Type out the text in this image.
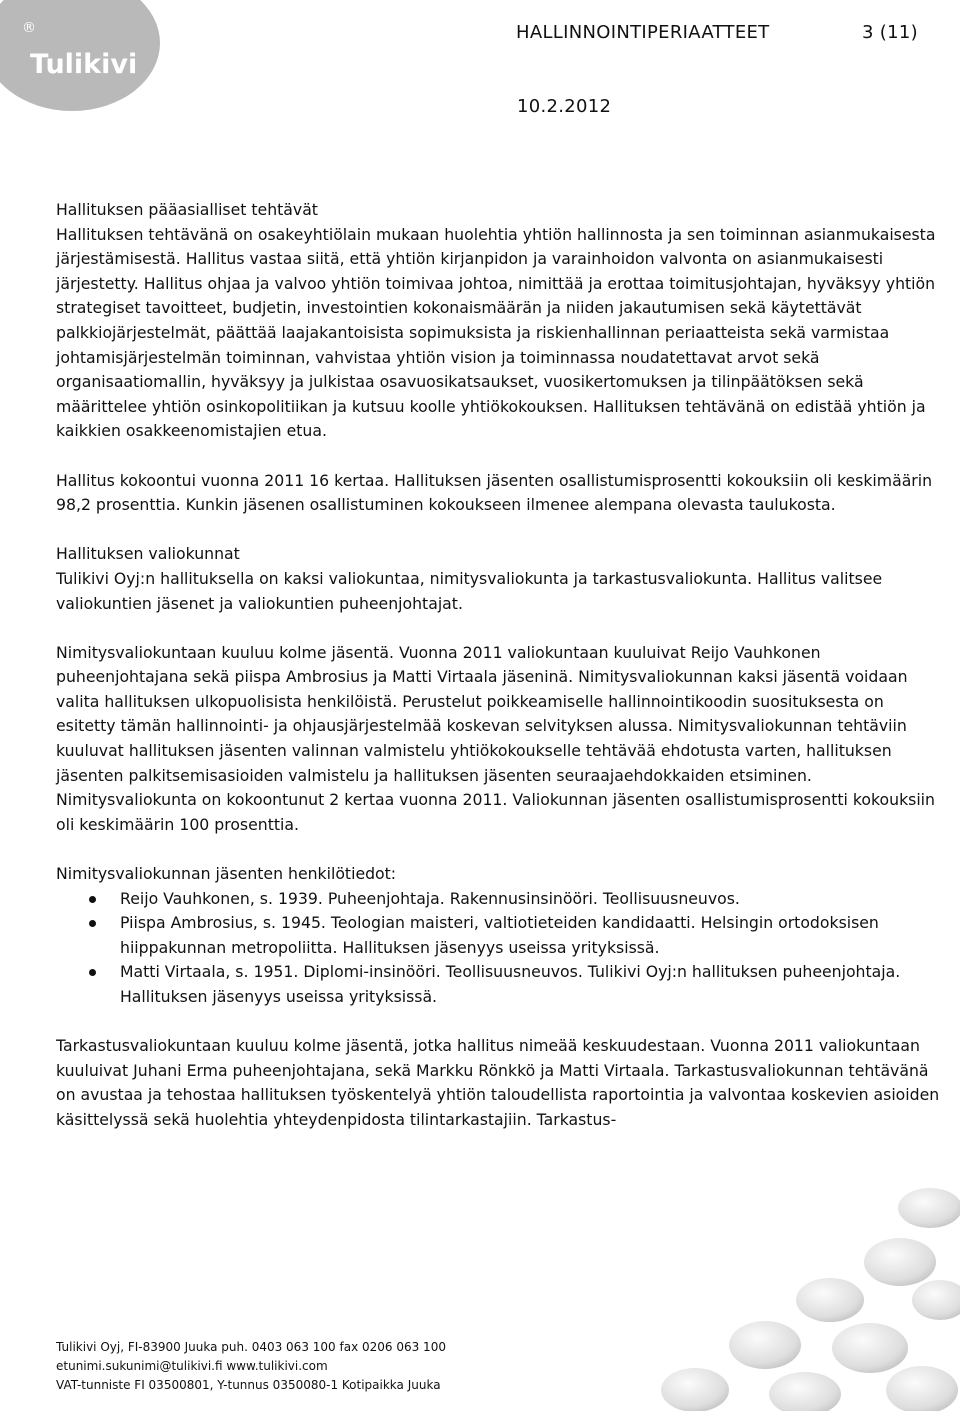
®
Tulikivi
HALLINNOINTIPERIAATTEET	3 (11)
10.2.2012

Hallituksen pääasialliset tehtävät

Hallituksen tehtävänä on osakeyhtiölain mukaan huolehtia yhtiön hallinnosta ja sen toiminnan asianmukaisesta järjestämisestä. Hallitus vastaa siitä, että yhtiön kirjanpidon ja varainhoidon valvonta on asianmukaisesti järjestetty. Hallitus ohjaa ja valvoo yhtiön toimivaa johtoa, nimittää ja erottaa toimitusjohtajan, hyväksyy yhtiön strategiset tavoitteet, budjetin, investointien kokonaismäärän ja niiden jakautumisen sekä käytettävät palkkiojärjestelmät, päättää laajakantoisista sopimuksista ja riskienhallinnan periaatteista sekä varmistaa johtamisjärjestelmän toiminnan, vahvistaa yhtiön vision ja toiminnassa noudatettavat arvot sekä organisaatiomallin, hyväksyy ja julkistaa osavuosikatsaukset, vuosikertomuksen ja tilinpäätöksen sekä määrittelee yhtiön osinkopolitiikan ja kutsuu koolle yhtiökokouksen. Hallituksen tehtävänä on edistää yhtiön ja kaikkien osakkeenomistajien etua.

Hallitus kokoontui vuonna 2011 16 kertaa. Hallituksen jäsenten osallistumisprosentti kokouksiin oli keskimäärin 98,2 prosenttia. Kunkin jäsenen osallistuminen kokoukseen ilmenee alempana olevasta taulukosta.

Hallituksen valiokunnat

Tulikivi Oyj:n hallituksella on kaksi valiokuntaa, nimitysvaliokunta ja tarkastusvaliokunta. Hallitus valitsee valiokuntien jäsenet ja valiokuntien puheenjohtajat.

Nimitysvaliokuntaan kuuluu kolme jäsentä. Vuonna 2011 valiokuntaan kuuluivat Reijo Vauhkonen puheenjohtajana sekä piispa Ambrosius ja Matti Virtaala jäseninä. Nimitysvaliokunnan kaksi jäsentä voidaan valita hallituksen ulkopuolisista henkilöistä. Perustelut poikkeamiselle hallinnointikoodin suosituksesta on esitetty tämän hallinnointi- ja ohjausjärjestelmää koskevan selvityksen alussa. Nimitysvaliokunnan tehtäviin kuuluvat hallituksen jäsenten valinnan valmistelu yhtiökokoukselle tehtävää ehdotusta varten, hallituksen jäsenten palkitsemisasioiden valmistelu ja hallituksen jäsenten seuraajaehdokkaiden etsiminen. Nimitysvaliokunta on kokoontunut 2 kertaa vuonna 2011. Valiokunnan jäsenten osallistumisprosentti kokouksiin oli keskimäärin 100 prosenttia.

Nimitysvaliokunnan jäsenten henkilötiedot:

Reijo Vauhkonen, s. 1939. Puheenjohtaja. Rakennusinsinööri. Teollisuusneuvos.
Piispa Ambrosius, s. 1945. Teologian maisteri, valtiotieteiden kandidaatti. Helsingin ortodoksisen hiippakunnan metropoliitta. Hallituksen jäsenyys useissa yrityksissä.
Matti Virtaala, s. 1951. Diplomi-insinööri. Teollisuusneuvos. Tulikivi Oyj:n hallituksen puheenjohtaja. Hallituksen jäsenyys useissa yrityksissä.

Tarkastusvaliokuntaan kuuluu kolme jäsentä, jotka hallitus nimeää keskuudestaan. Vuonna 2011 valiokuntaan kuuluivat Juhani Erma puheenjohtajana, sekä Markku Rönkkö ja Matti Virtaala. Tarkastusvaliokunnan tehtävänä on avustaa ja tehostaa hallituksen työskentelyä yhtiön taloudellista raportointia ja valvontaa koskevien asioiden käsittelyssä sekä huolehtia yhteydenpidosta tilintarkastajiin. Tarkastus-

Tulikivi Oyj, FI-83900 Juuka puh. 0403 063 100 fax 0206 063 100
etunimi.sukunimi@tulikivi.fi www.tulikivi.com
VAT-tunniste FI 03500801, Y-tunnus 0350080-1 Kotipaikka Juuka
